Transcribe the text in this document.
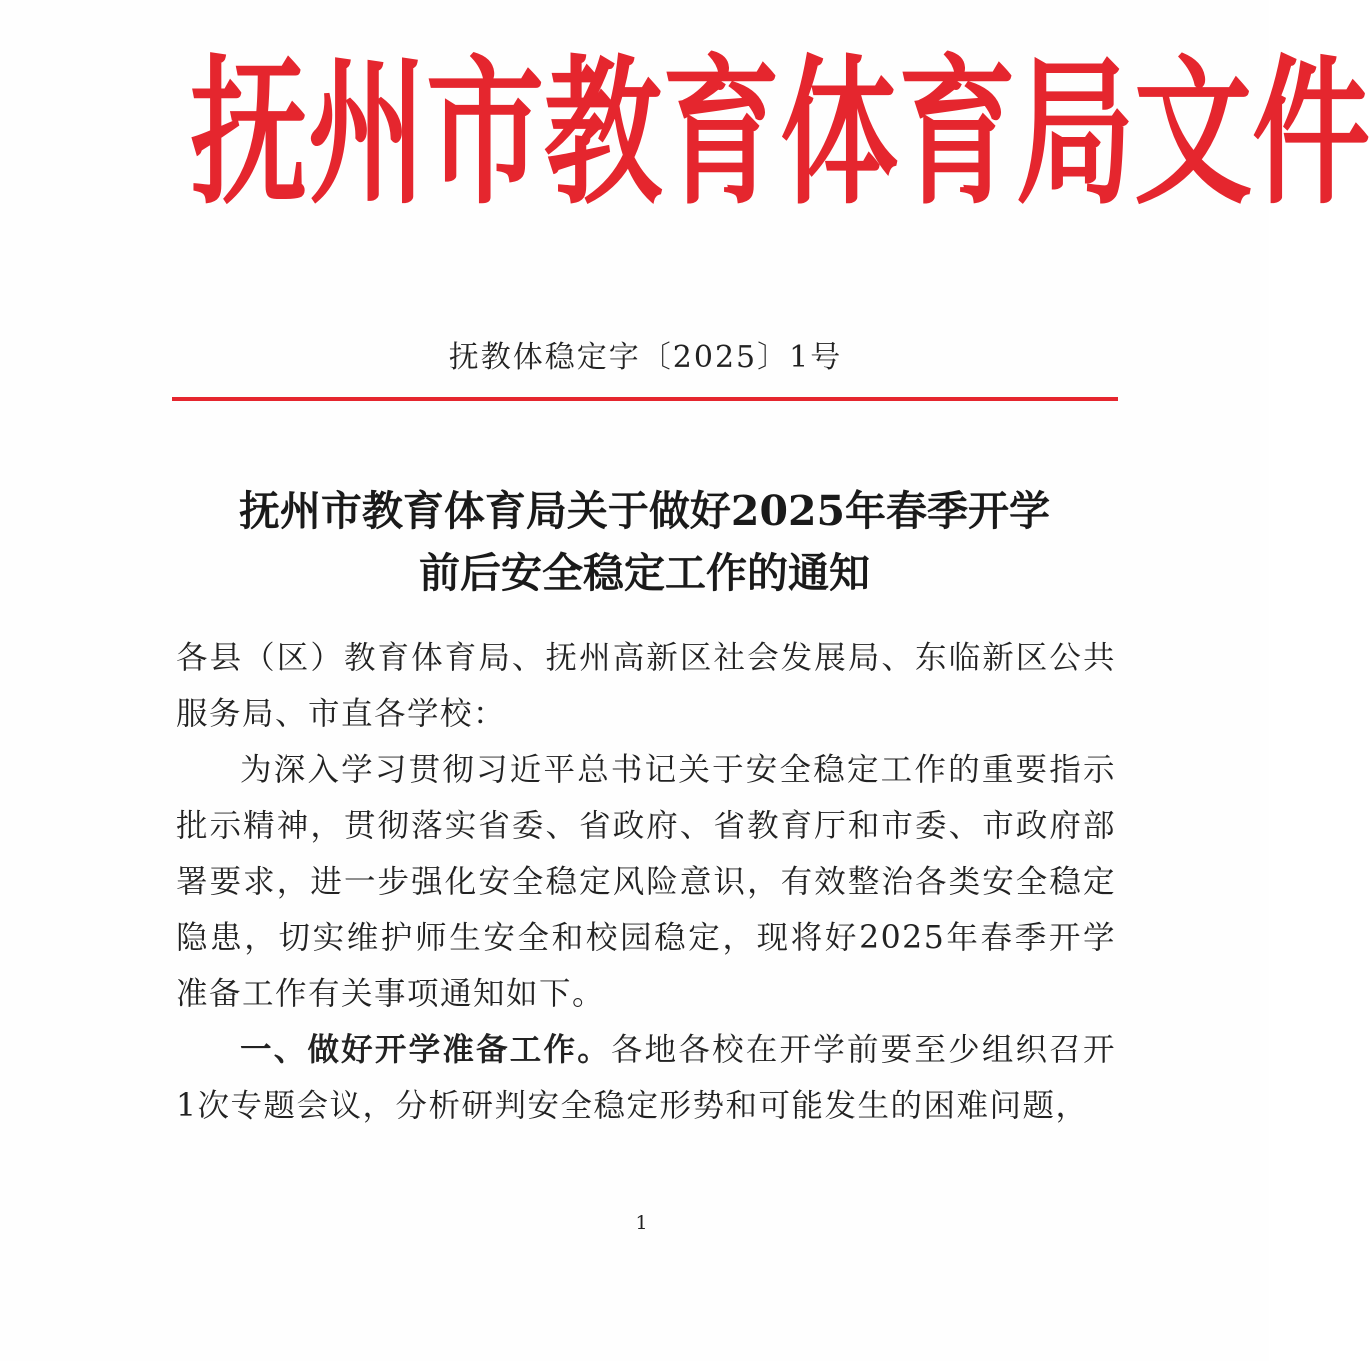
抚 州 市 教 育 体 育 局 文 件
抚教体稳定字〔2025〕1号
抚州市教育体育局关于做好2025年春季开学
前后安全稳定工作的通知

各县（区）教育体育局、抚州高新区社会发展局、东临新区公共服务局、市直各学校：

为深入学习贯彻习近平总书记关于安全稳定工作的重要指示批示精神，贯彻落实省委、省政府、省教育厅和市委、市政府部署要求，进一步强化安全稳定风险意识，有效整治各类安全稳定隐患，切实维护师生安全和校园稳定，现将好2025年春季开学准备工作有关事项通知如下。

一、做好开学准备工作。各地各校在开学前要至少组织召开1次专题会议，分析研判安全稳定形势和可能发生的困难问题，

1
